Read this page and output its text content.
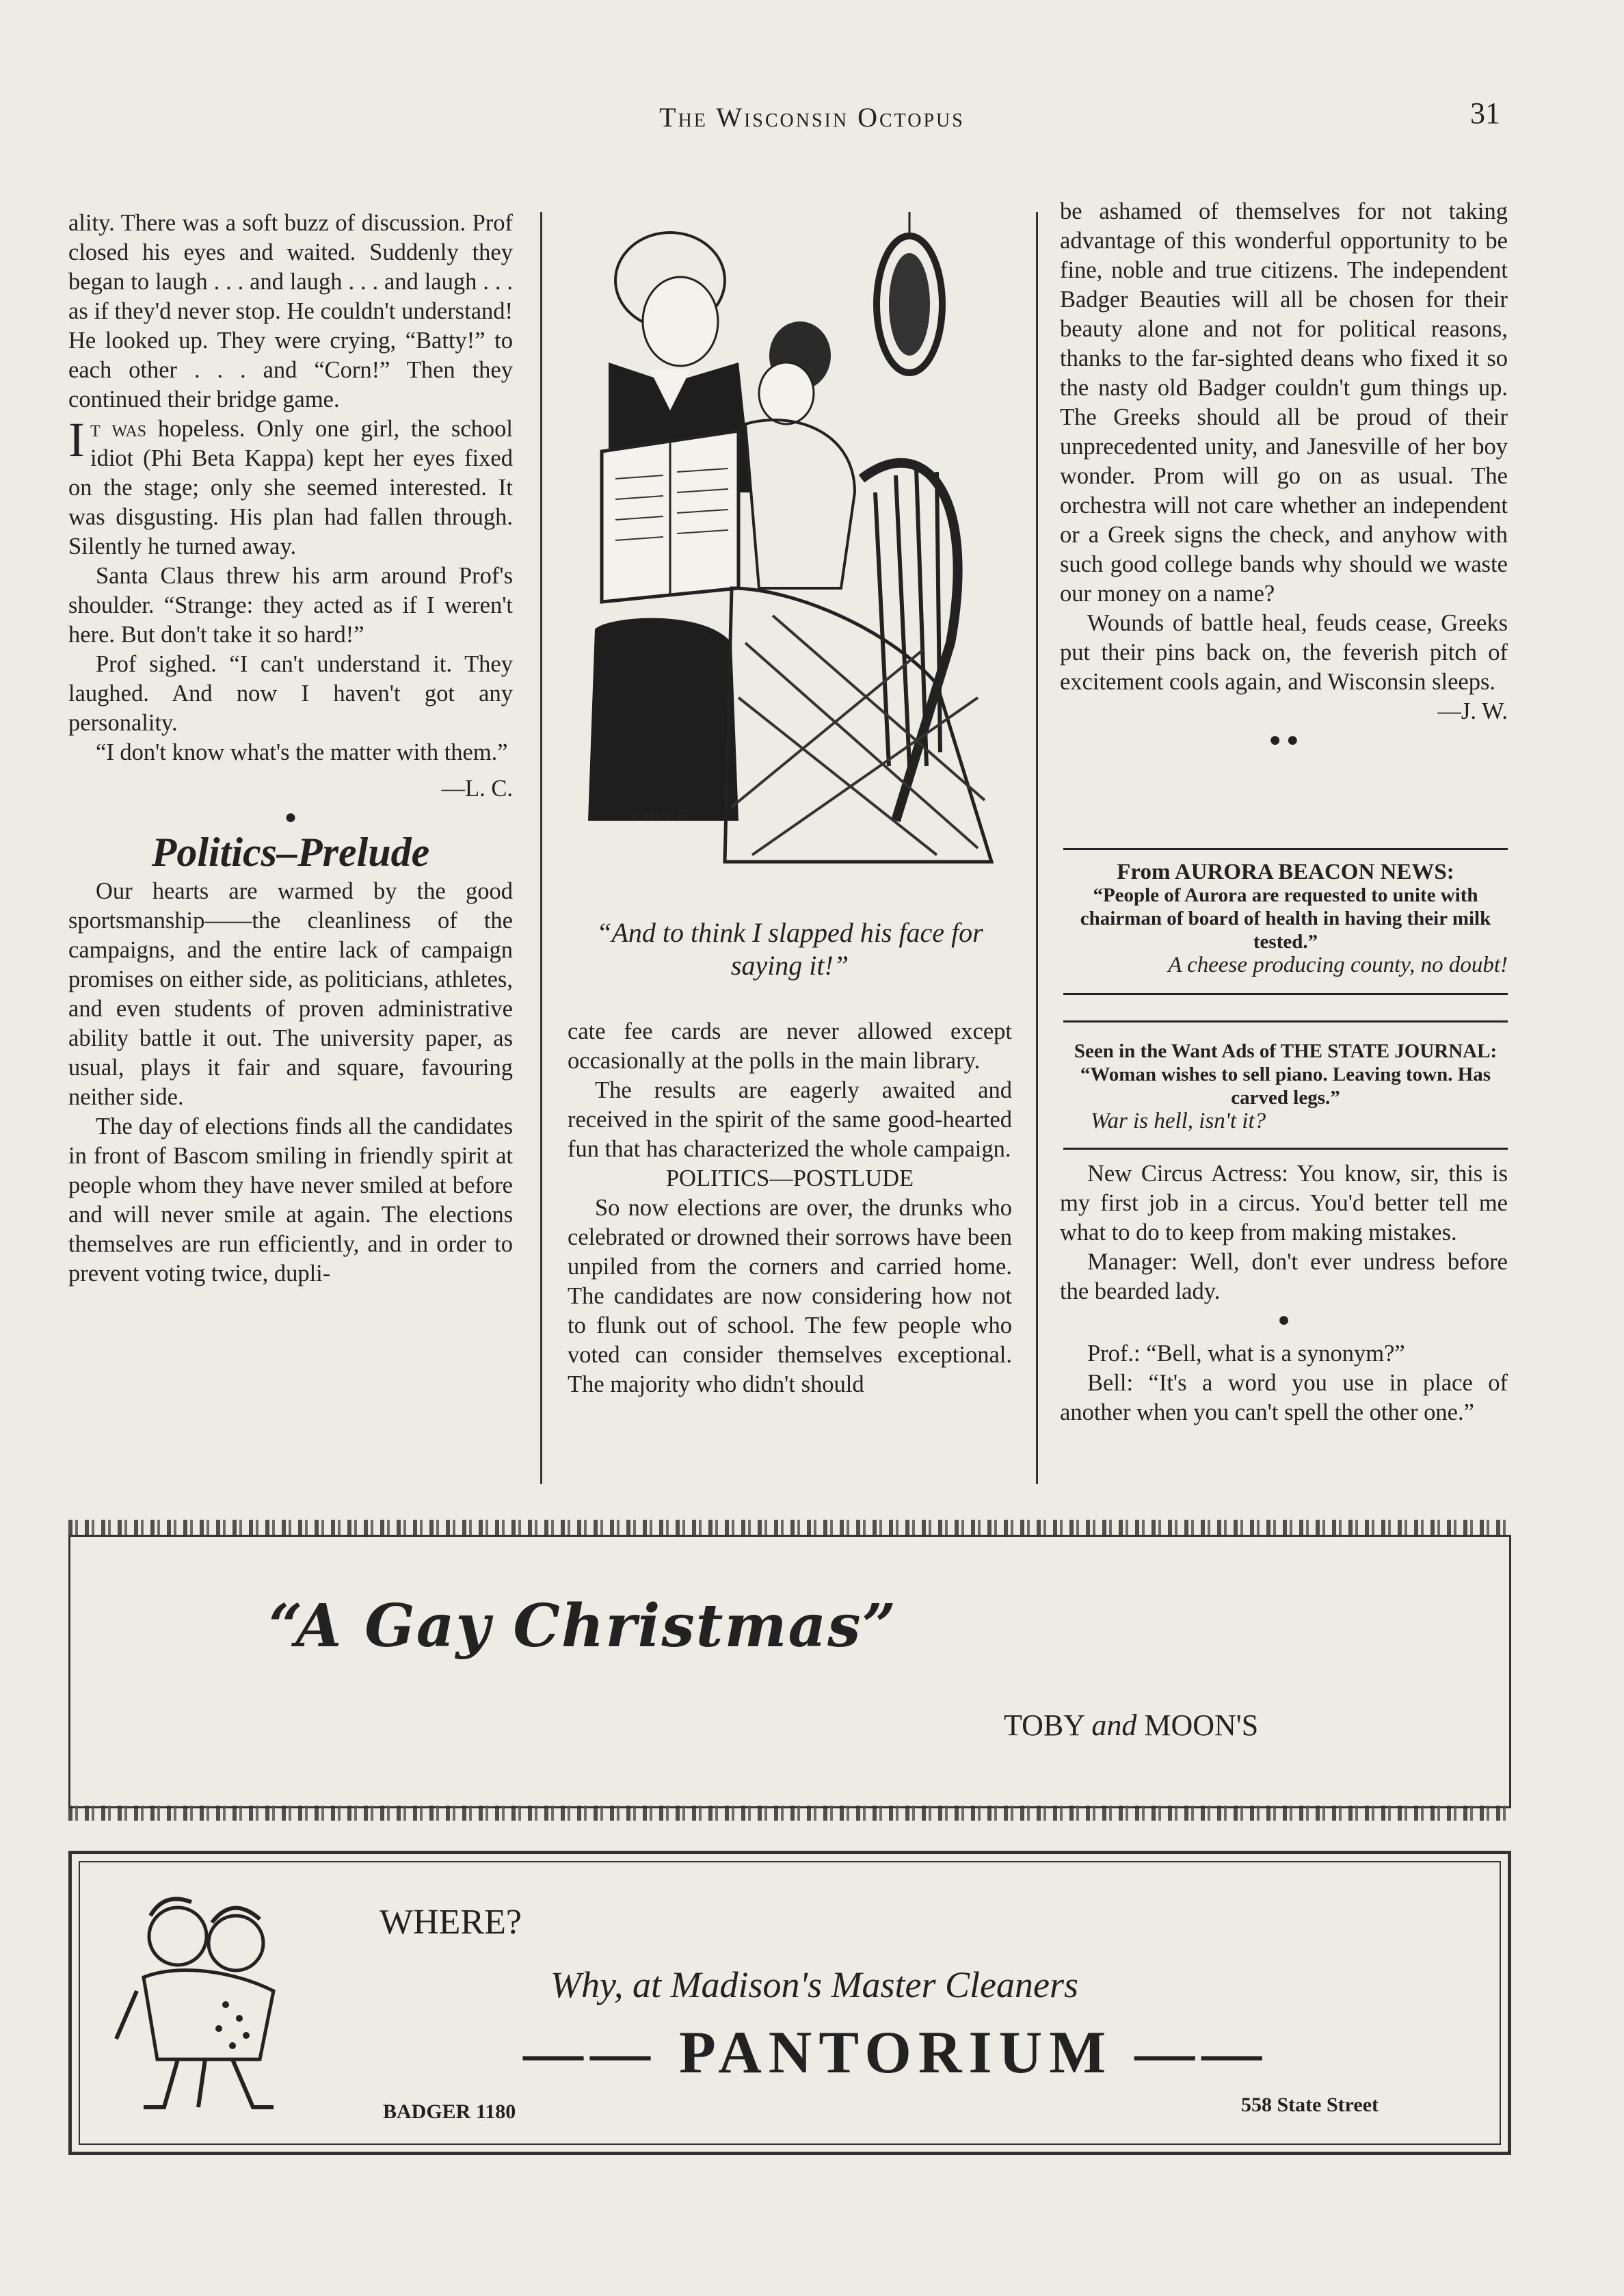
The Wisconsin Octopus	31

ality. There was a soft buzz of discussion. Prof closed his eyes and waited. Suddenly they began to laugh . . . and laugh . . . and laugh . . . as if they'd never stop. He couldn't understand! He looked up. They were crying, “Batty!” to each other . . . and “Corn!” Then they continued their bridge game.

It was hopeless. Only one girl, the school idiot (Phi Beta Kappa) kept her eyes fixed on the stage; only she seemed interested. It was disgusting. His plan had fallen through. Silently he turned away.

Santa Claus threw his arm around Prof's shoulder. “Strange: they acted as if I weren't here. But don't take it so hard!”

Prof sighed. “I can't understand it. They laughed. And now I haven't got any personality.

“I don't know what's the matter with them.”

—L. C.

●

Politics–Prelude

Our hearts are warmed by the good sportsmanship——the cleanliness of the campaigns, and the entire lack of campaign promises on either side, as politicians, athletes, and even students of proven administrative ability battle it out. The university paper, as usual, plays it fair and square, favouring neither side.

The day of elections finds all the candidates in front of Bascom smiling in friendly spirit at people whom they have never smiled at before and will never smile at again. The elections themselves are run efficiently, and in order to prevent voting twice, dupli-

CHUCK
“And to think I slapped his face for saying it!”

cate fee cards are never allowed except occasionally at the polls in the main library.

The results are eagerly awaited and received in the spirit of the same good-hearted fun that has characterized the whole campaign.

POLITICS—POSTLUDE

So now elections are over, the drunks who celebrated or drowned their sorrows have been unpiled from the corners and carried home. The candidates are now considering how not to flunk out of school. The few people who voted can consider themselves exceptional. The majority who didn't should

be ashamed of themselves for not taking advantage of this wonderful opportunity to be fine, noble and true citizens. The independent Badger Beauties will all be chosen for their beauty alone and not for political reasons, thanks to the far-sighted deans who fixed it so the nasty old Badger couldn't gum things up. The Greeks should all be proud of their unprecedented unity, and Janesville of her boy wonder. Prom will go on as usual. The orchestra will not care whether an independent or a Greek signs the check, and anyhow with such good college bands why should we waste our money on a name?

Wounds of battle heal, feuds cease, Greeks put their pins back on, the feverish pitch of excitement cools again, and Wisconsin sleeps.

—J. W.

● ●

From AURORA BEACON NEWS:
“People of Aurora are requested to unite with chairman of board of health in having their milk tested.”
A cheese producing county, no doubt!
Seen in the Want Ads of THE STATE JOURNAL: “Woman wishes to sell piano. Leaving town. Has carved legs.”
War is hell, isn't it?

New Circus Actress: You know, sir, this is my first job in a circus. You'd better tell me what to do to keep from making mistakes.

Manager: Well, don't ever undress before the bearded lady.

●

Prof.: “Bell, what is a synonym?”

Bell: “It's a word you use in place of another when you can't spell the other one.”

“A Gay Christmas”
TOBY and MOON'S
WHERE?
Why, at Madison's Master Cleaners
—— PANTORIUM ——
BADGER 1180	558 State Street
